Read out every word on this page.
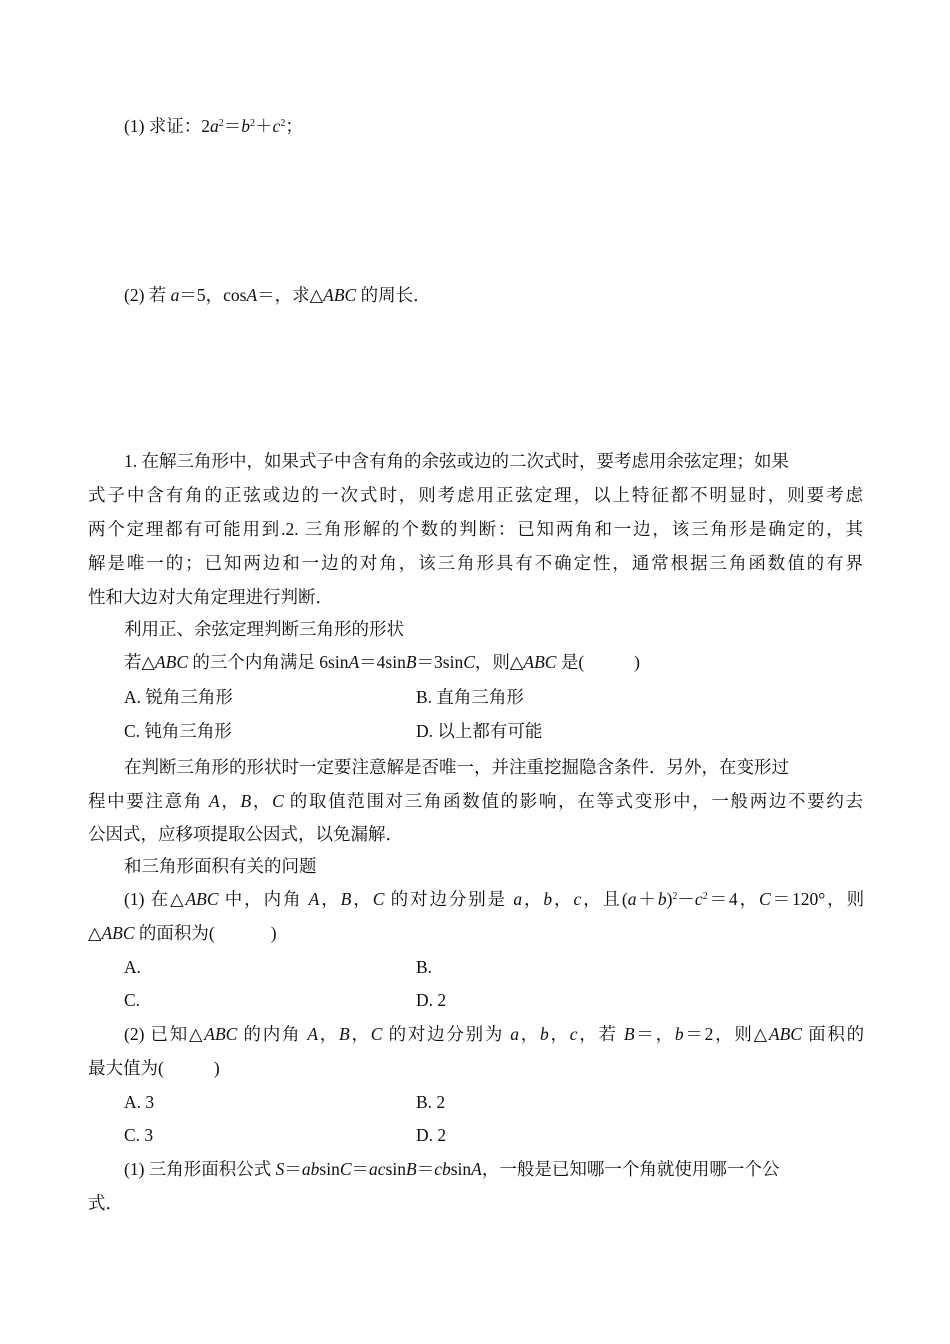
(1) 求证：$2a^2=b^2+c^2$；
(2) 若 a＝5，cosA＝，求△ABC 的周长．
1. 在解三角形中，如果式子中含有角的余弦或边的二次式时，要考虑用余弦定理；如果
式子中含有角的正弦或边的一次式时，则考虑用正弦定理，以上特征都不明显时，则要考虑
两个定理都有可能用到.2. 三角形解的个数的判断：已知两角和一边，该三角形是确定的，其
解是唯一的；已知两边和一边的对角，该三角形具有不确定性，通常根据三角函数值的有界
性和大边对大角定理进行判断．
利用正、余弦定理判断三角形的形状
若△ABC 的三个内角满足 6sinA＝4sinB＝3sinC，则△ABC 是(	)
A. 锐角三角形	B. 直角三角形
C. 钝角三角形	D. 以上都有可能
在判断三角形的形状时一定要注意解是否唯一，并注重挖掘隐含条件．另外，在变形过
程中要注意角 A，B，C 的取值范围对三角函数值的影响，在等式变形中，一般两边不要约去
公因式，应移项提取公因式，以免漏解．
和三角形面积有关的问题
(1) 在△ABC 中，内角 A，B，C 的对边分别是 a，b，c，且$(a+b)^2-c^2=4$，C＝120°，则
△ABC 的面积为(	)
A.	B.
C.	D. 2
(2) 已知△ABC 的内角 A，B，C 的对边分别为 a，b，c，若 B＝，b＝2，则△ABC 面积的
最大值为(	)
A. 3	B. 2
C. 3	D. 2
(1) 三角形面积公式 S＝absinC＝acsinB＝cbsinA，一般是已知哪一个角就使用哪一个公
式．
